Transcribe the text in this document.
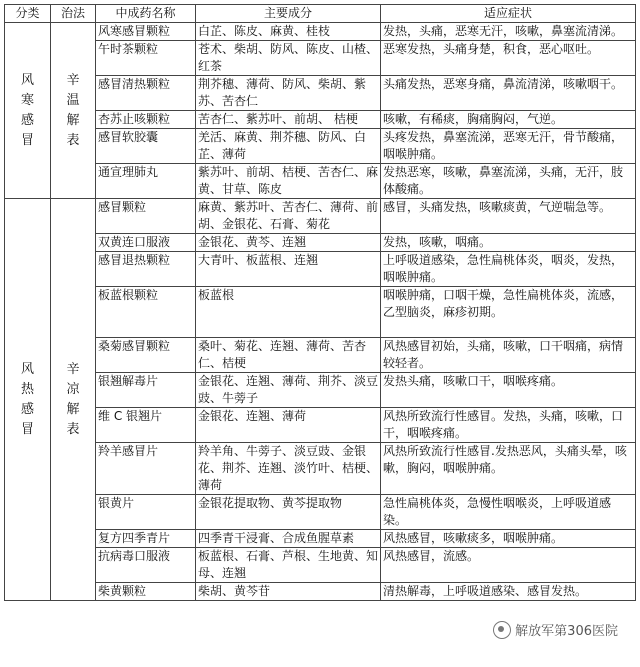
分类	治法	中成药名称	主要成分	适应症状

风寒感冒	辛温解表	风寒感冒颗粒	白芷、陈皮、麻黄、桂枝	发热，头痛，恶寒无汗，咳嗽，鼻塞流清涕。
		午时茶颗粒	苍术、柴胡、防风、陈皮、山楂、红茶	恶寒发热，头痛身楚，积食，恶心呕吐。
		感冒清热颗粒	荆芥穗、薄荷、防风、柴胡、紫苏、苦杏仁	头痛发热，恶寒身痛，鼻流清涕，咳嗽咽干。
		杏苏止咳颗粒	苦杏仁、紫苏叶、前胡、 桔梗	咳嗽，有稀痰，胸痛胸闷，气逆。
		感冒软胶囊	羌活、麻黄、荆芥穗、防风、白芷、薄荷	头疼发热，鼻塞流涕，恶寒无汗，骨节酸痛，咽喉肿痛。
		通宣理肺丸	紫苏叶、前胡、桔梗、苦杏仁、麻黄、甘草、陈皮	发热恶寒，咳嗽，鼻塞流涕，头痛，无汗，肢体酸痛。

风热感冒	辛凉解表	感冒颗粒	麻黄、紫苏叶、苦杏仁、薄荷、前胡、金银花、石膏、菊花	感冒，头痛发热，咳嗽痰黄，气逆喘急等。
		双黄连口服液	金银花、黄芩、连翘	发热，咳嗽，咽痛。
		感冒退热颗粒	大青叶、板蓝根、连翘	上呼吸道感染，急性扁桃体炎，咽炎，发热，咽喉肿痛。
		板蓝根颗粒	板蓝根	咽喉肿痛，口咽干燥，急性扁桃体炎，流感，乙型脑炎，麻疹初期。
		桑菊感冒颗粒	桑叶、菊花、连翘、薄荷、苦杏仁、桔梗	风热感冒初始，头痛，咳嗽，口干咽痛，病情较轻者。
		银翘解毒片	金银花、连翘、薄荷、荆芥、淡豆豉、牛蒡子	发热头痛，咳嗽口干，咽喉疼痛。
		维 C 银翘片	金银花、连翘、薄荷	风热所致流行性感冒。发热，头痛，咳嗽，口干，咽喉疼痛。
		羚羊感冒片	羚羊角、牛蒡子、淡豆豉、金银花、荆芥、连翘、淡竹叶、桔梗、薄荷	风热所致流行性感冒.发热恶风，头痛头晕，咳嗽，胸闷，咽喉肿痛。
		银黄片	金银花提取物、黄芩提取物	急性扁桃体炎，急慢性咽喉炎，上呼吸道感染。
		复方四季青片	四季青干浸膏、合成鱼腥草素	风热感冒，咳嗽痰多，咽喉肿痛。
		抗病毒口服液	板蓝根、石膏、芦根、生地黄、知母、连翘	风热感冒，流感。
		柴黄颗粒	柴胡、黄芩苷	清热解毒，上呼吸道感染、感冒发热。
解放军第306医院
